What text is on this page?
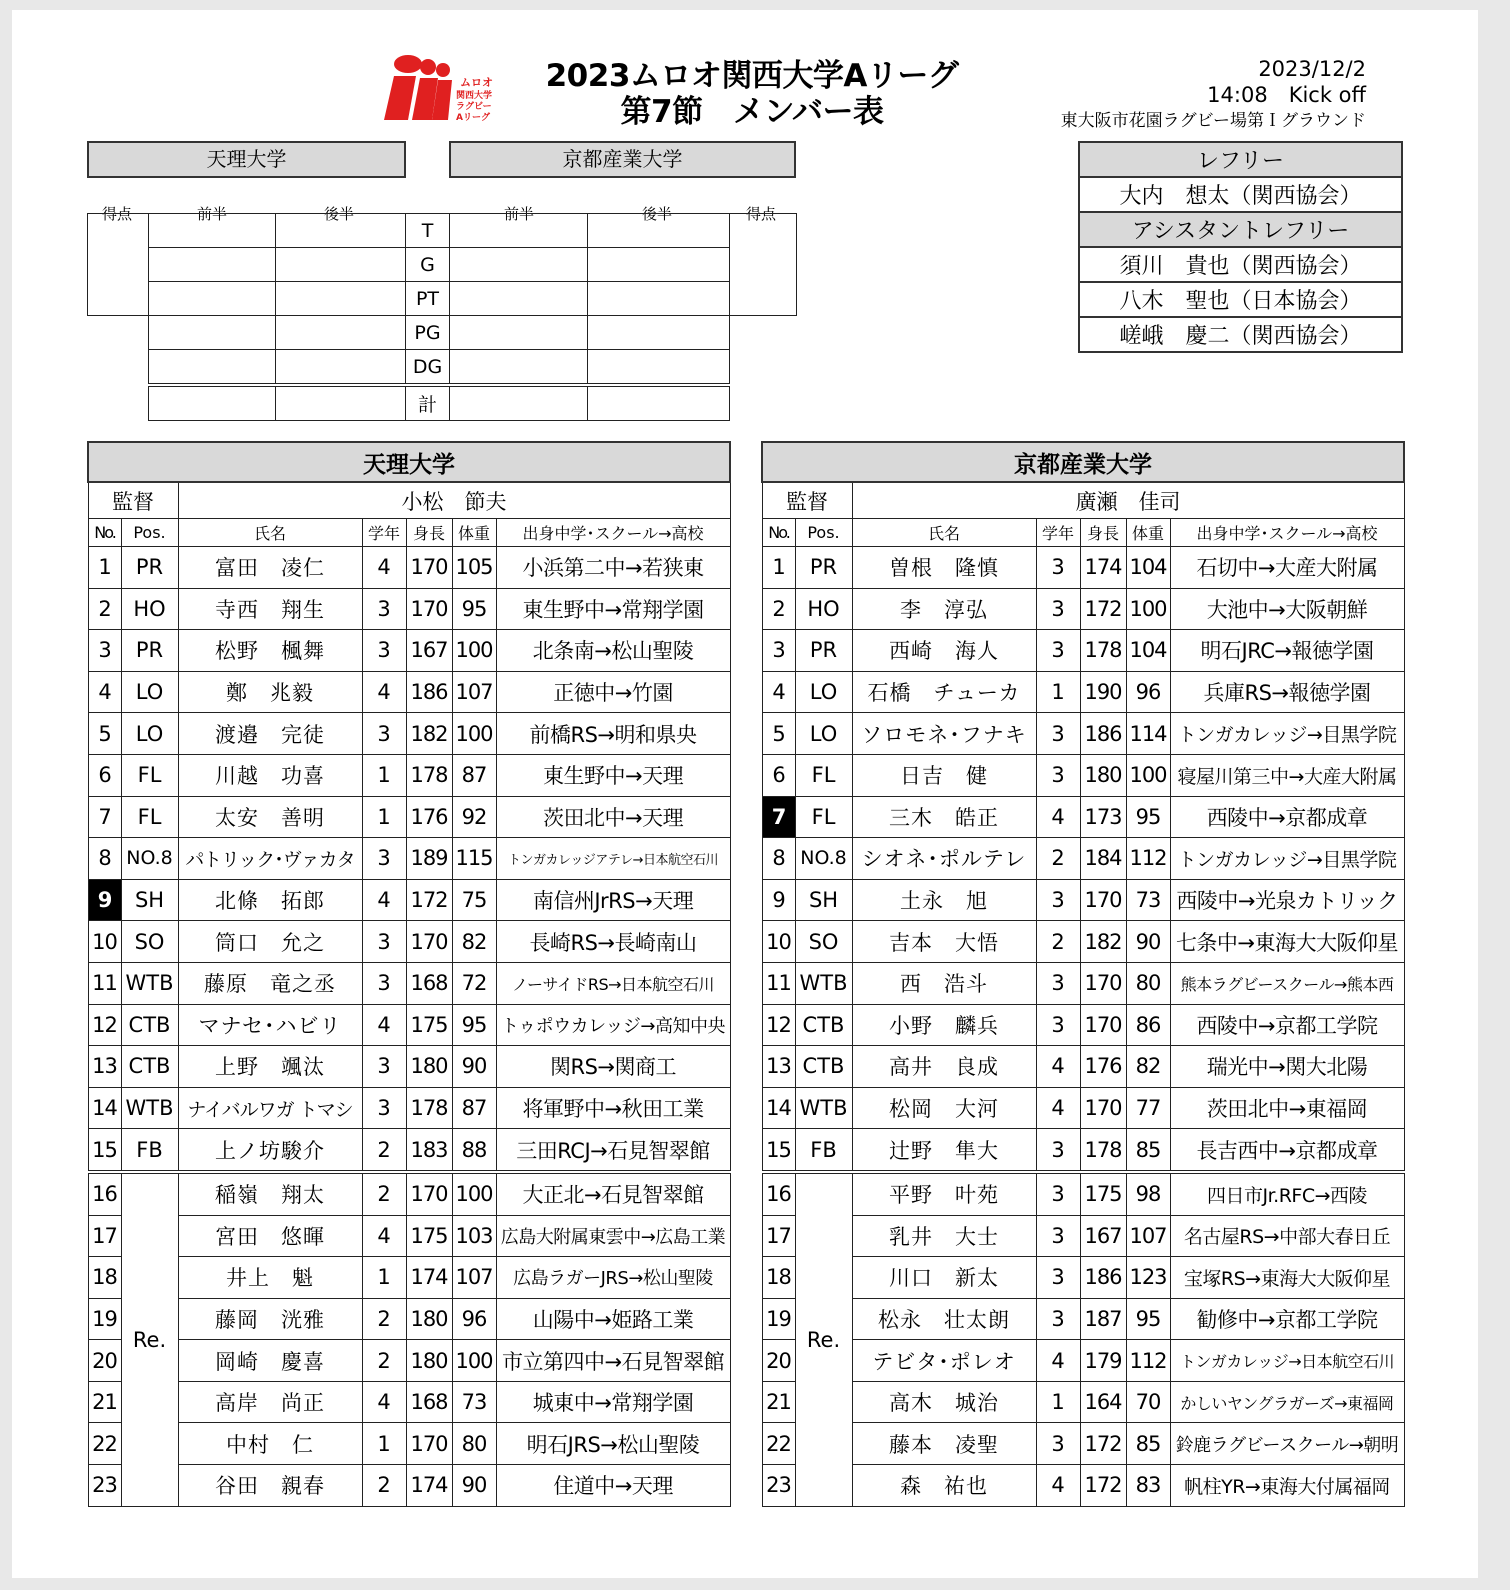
ムロオ
関西大学
ラグビー
Aリーグ
2023ムロオ関西大学Aリーグ
第7節　メンバー表
2023/12/2
14:08　Kick off
東大阪市花園ラグビー場第Ｉグラウンド
天理大学	京都産業大学
得点	前半	後半	前半	後半	得点
			T			
			G			
			PT			
			PG			
			DG			
			計			
レフリー
大内　想太（関西協会）
アシスタントレフリー
須川　貴也（関西協会）
八木　聖也（日本協会）
嵯峨　慶二（関西協会）
天理大学						
監督		小松　節夫				
No.	Pos.	氏名	学年	身長	体重	出身中学･スクール→高校
1	PR	富田　凌仁	4	170	105	小浜第二中→若狭東
2	HO	寺西　翔生	3	170	95	東生野中→常翔学園
3	PR	松野　楓舞	3	167	100	北条南→松山聖陵
4	LO	鄭　兆毅	4	186	107	正徳中→竹園
5	LO	渡邉　完徒	3	182	100	前橋RS→明和県央
6	FL	川越　功喜	1	178	87	東生野中→天理
7	FL	太安　善明	1	176	92	茨田北中→天理
8	NO.8	パトリック･ヴァカタ	3	189	115	トンガカレッジアテレ→日本航空石川
9	SH	北條　拓郎	4	172	75	南信州JrRS→天理
10	SO	筒口　允之	3	170	82	長崎RS→長崎南山
11	WTB	藤原　竜之丞	3	168	72	ノーサイドRS→日本航空石川
12	CTB	マナセ･ハビリ	4	175	95	トゥポウカレッジ→高知中央
13	CTB	上野　颯汰	3	180	90	関RS→関商工
14	WTB	ナイバルワガ トマシ	3	178	87	将軍野中→秋田工業
15	FB	上ノ坊駿介	2	183	88	三田RCJ→石見智翠館
16	Re.	稲嶺　翔太	2	170	100	大正北→石見智翠館
17		宮田　悠暉	4	175	103	広島大附属東雲中→広島工業
18		井上　魁	1	174	107	広島ラガーJRS→松山聖陵
19		藤岡　洸雅	2	180	96	山陽中→姫路工業
20		岡崎　慶喜	2	180	100	市立第四中→石見智翠館
21		高岸　尚正	4	168	73	城東中→常翔学園
22		中村　仁	1	170	80	明石JRS→松山聖陵
23		谷田　親春	2	174	90	住道中→天理
京都産業大学						
監督		廣瀬　佳司				
No.	Pos.	氏名	学年	身長	体重	出身中学･スクール→高校
1	PR	曽根　隆慎	3	174	104	石切中→大産大附属
2	HO	李　淳弘	3	172	100	大池中→大阪朝鮮
3	PR	西崎　海人	3	178	104	明石JRC→報徳学園
4	LO	石橋　チューカ	1	190	96	兵庫RS→報徳学園
5	LO	ソロモネ･フナキ	3	186	114	トンガカレッジ→目黒学院
6	FL	日吉　健	3	180	100	寝屋川第三中→大産大附属
7	FL	三木　皓正	4	173	95	西陵中→京都成章
8	NO.8	シオネ･ポルテレ	2	184	112	トンガカレッジ→目黒学院
9	SH	土永　旭	3	170	73	西陵中→光泉カトリック
10	SO	吉本　大悟	2	182	90	七条中→東海大大阪仰星
11	WTB	西　浩斗	3	170	80	熊本ラグビースクール→熊本西
12	CTB	小野　麟兵	3	170	86	西陵中→京都工学院
13	CTB	高井　良成	4	176	82	瑞光中→関大北陽
14	WTB	松岡　大河	4	170	77	茨田北中→東福岡
15	FB	辻野　隼大	3	178	85	長吉西中→京都成章
16	Re.	平野　叶苑	3	175	98	四日市Jr.RFC→西陵
17		乳井　大士	3	167	107	名古屋RS→中部大春日丘
18		川口　新太	3	186	123	宝塚RS→東海大大阪仰星
19		松永　壮太朗	3	187	95	勧修中→京都工学院
20		テビタ･ポレオ	4	179	112	トンガカレッジ→日本航空石川
21		高木　城治	1	164	70	かしいヤングラガーズ→東福岡
22		藤本　凌聖	3	172	85	鈴鹿ラグビースクール→朝明
23		森　祐也	4	172	83	帆柱YR→東海大付属福岡
